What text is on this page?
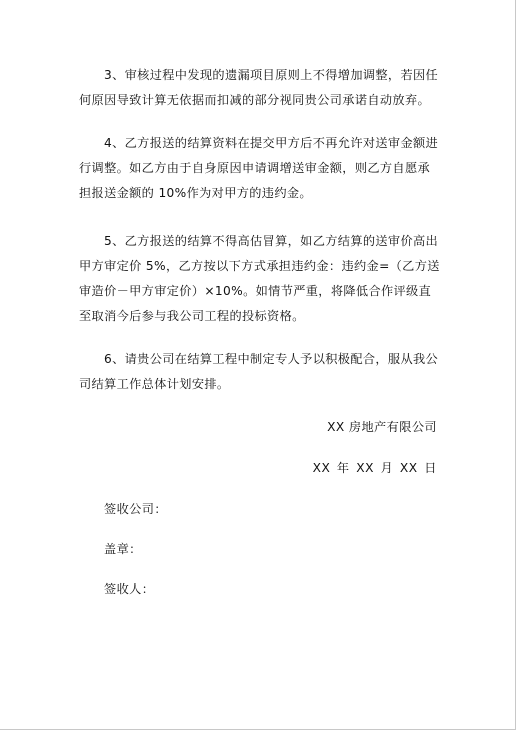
3、审核过程中发现的遗漏项目原则上不得增加调整，若因任何原因导致计算无依据而扣减的部分视同贵公司承诺自动放弃。

4、乙方报送的结算资料在提交甲方后不再允许对送审金额进行调整。如乙方由于自身原因申请调增送审金额，则乙方自愿承担报送金额的 10%作为对甲方的违约金。

5、乙方报送的结算不得高估冒算，如乙方结算的送审价高出甲方审定价 5%，乙方按以下方式承担违约金：违约金=（乙方送审造价－甲方审定价）×10%。如情节严重，将降低合作评级直至取消今后参与我公司工程的投标资格。

6、请贵公司在结算工程中制定专人予以积极配合，服从我公司结算工作总体计划安排。

XX 房地产有限公司
XX 年 XX 月 XX 日
签收公司：
盖章：
签收人：
